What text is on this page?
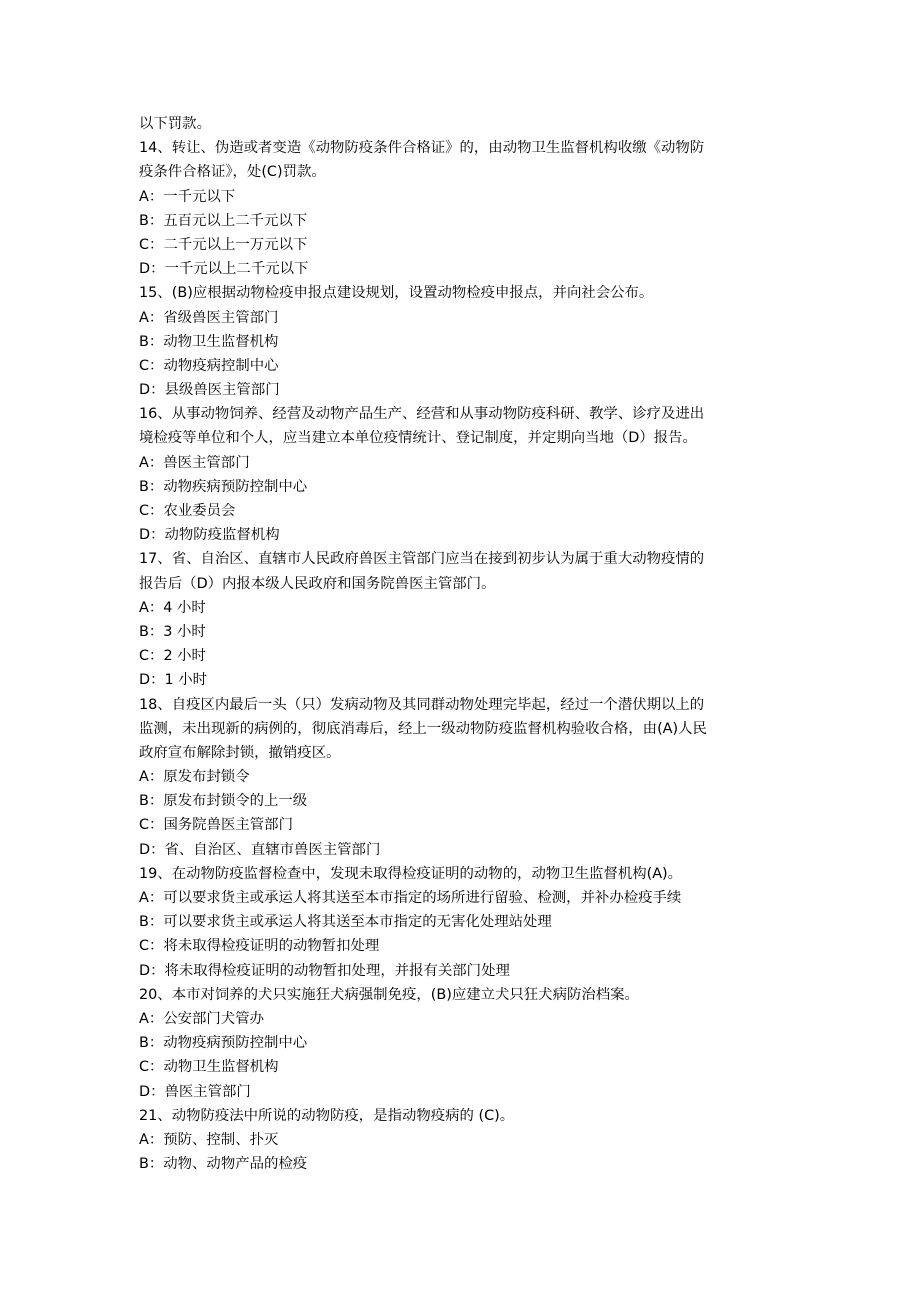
以下罚款。
14、转让、伪造或者变造《动物防疫条件合格证》的，由动物卫生监督机构收缴《动物防
疫条件合格证》，处(C)罚款。
A：一千元以下
B：五百元以上二千元以下
C：二千元以上一万元以下
D：一千元以上二千元以下
15、(B)应根据动物检疫申报点建设规划，设置动物检疫申报点，并向社会公布。
A：省级兽医主管部门
B：动物卫生监督机构
C：动物疫病控制中心
D：县级兽医主管部门
16、从事动物饲养、经营及动物产品生产、经营和从事动物防疫科研、教学、诊疗及进出
境检疫等单位和个人，应当建立本单位疫情统计、登记制度，并定期向当地（D）报告。
A：兽医主管部门
B：动物疾病预防控制中心
C：农业委员会
D：动物防疫监督机构
17、省、自治区、直辖市人民政府兽医主管部门应当在接到初步认为属于重大动物疫情的
报告后（D）内报本级人民政府和国务院兽医主管部门。
A：4 小时
B：3 小时
C：2 小时
D：1 小时
18、自疫区内最后一头（只）发病动物及其同群动物处理完毕起，经过一个潜伏期以上的
监测，未出现新的病例的，彻底消毒后，经上一级动物防疫监督机构验收合格，由(A)人民
政府宣布解除封锁，撤销疫区。
A：原发布封锁令
B：原发布封锁令的上一级
C：国务院兽医主管部门
D：省、自治区、直辖市兽医主管部门
19、在动物防疫监督检查中，发现未取得检疫证明的动物的，动物卫生监督机构(A)。
A：可以要求货主或承运人将其送至本市指定的场所进行留验、检测，并补办检疫手续
B：可以要求货主或承运人将其送至本市指定的无害化处理站处理
C：将未取得检疫证明的动物暂扣处理
D：将未取得检疫证明的动物暂扣处理，并报有关部门处理
20、本市对饲养的犬只实施狂犬病强制免疫，(B)应建立犬只狂犬病防治档案。
A：公安部门犬管办
B：动物疫病预防控制中心
C：动物卫生监督机构
D：兽医主管部门
21、动物防疫法中所说的动物防疫，是指动物疫病的 (C)。
A：预防、控制、扑灭
B：动物、动物产品的检疫
